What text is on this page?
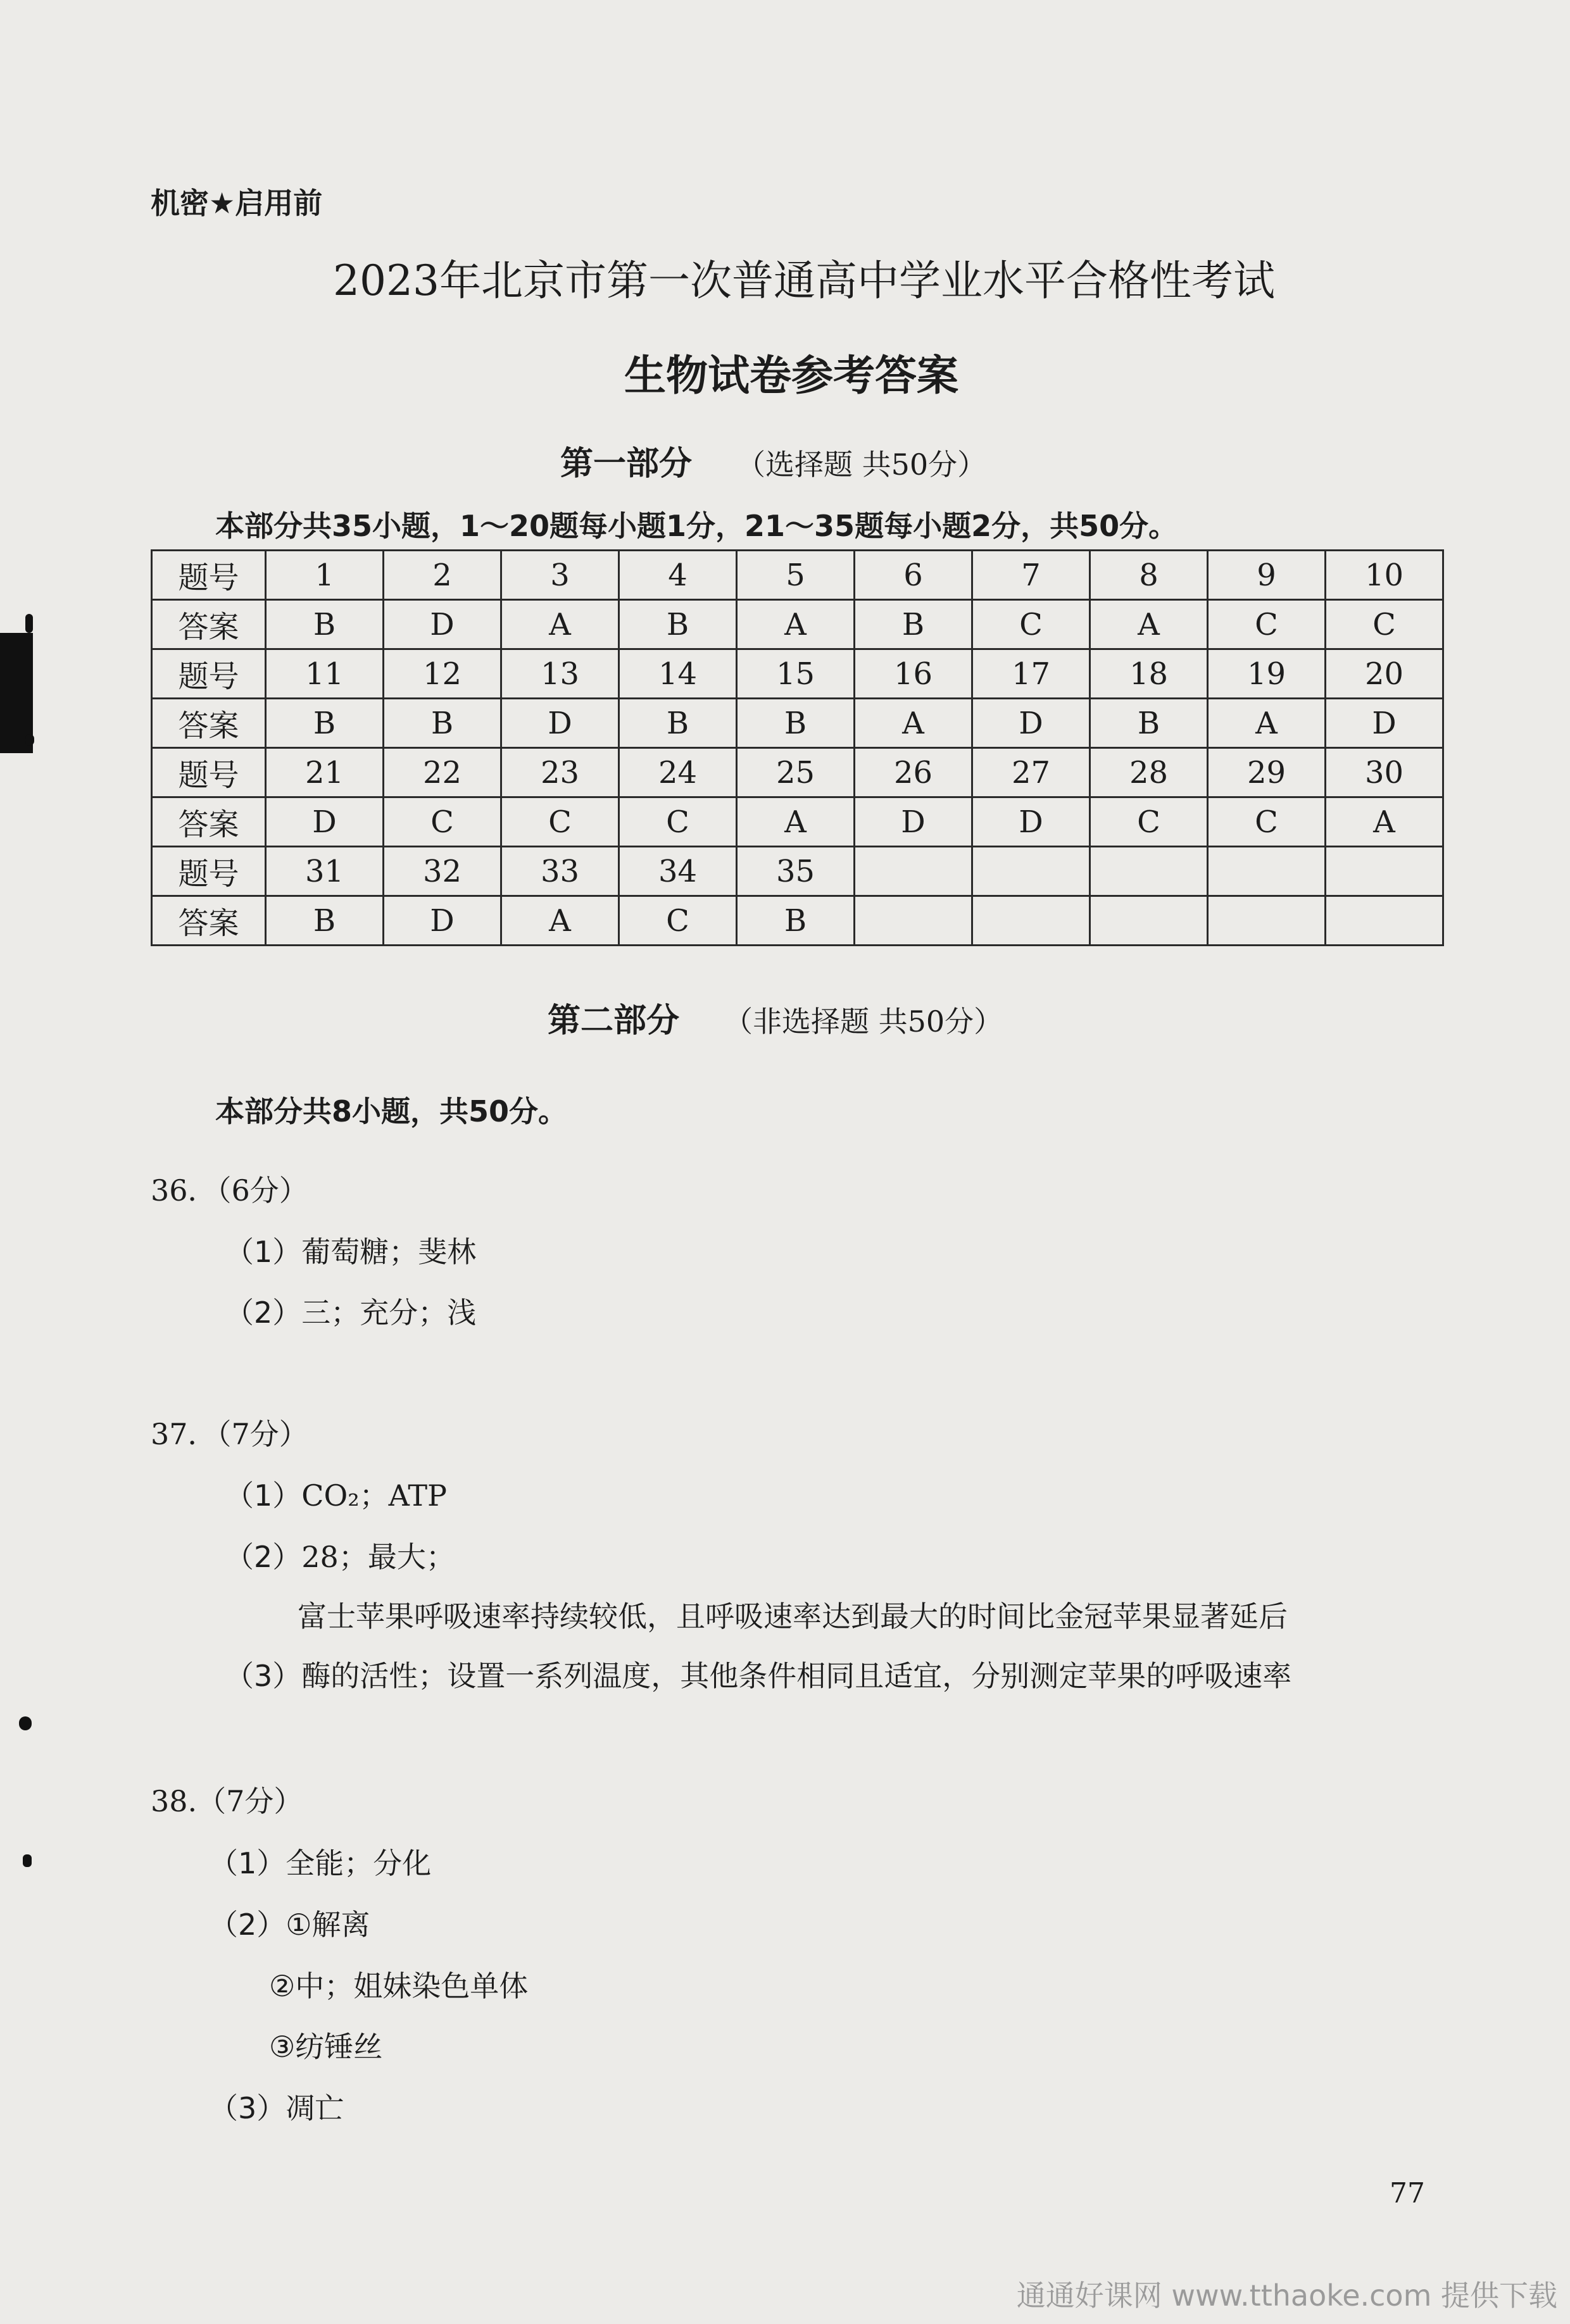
机密★启用前
2023年北京市第一次普通高中学业水平合格性考试
生物试卷参考答案
第一部分 （选择题 共50分）
本部分共35小题，1～20题每小题1分，21～35题每小题2分，共50分。
题号	1	2	3	4	5	6	7	8	9	10
答案	B	D	A	B	A	B	C	A	C	C
题号	11	12	13	14	15	16	17	18	19	20
答案	B	B	D	B	B	A	D	B	A	D
题号	21	22	23	24	25	26	27	28	29	30
答案	D	C	C	C	A	D	D	C	C	A
题号	31	32	33	34	35					
答案	B	D	A	C	B					
第二部分 （非选择题 共50分）
本部分共8小题，共50分。
36．（6分）
（1）葡萄糖；斐林
（2）三；充分；浅
37．（7分）
（1）CO₂；ATP
（2）28；最大；
富士苹果呼吸速率持续较低，且呼吸速率达到最大的时间比金冠苹果显著延后
（3）酶的活性；设置一系列温度，其他条件相同且适宜，分别测定苹果的呼吸速率
38.（7分）
（1）全能；分化
（2）①解离
②中；姐妹染色单体
③纺锤丝
（3）凋亡
77
通通好课网 www.tthaoke.com 提供下载
